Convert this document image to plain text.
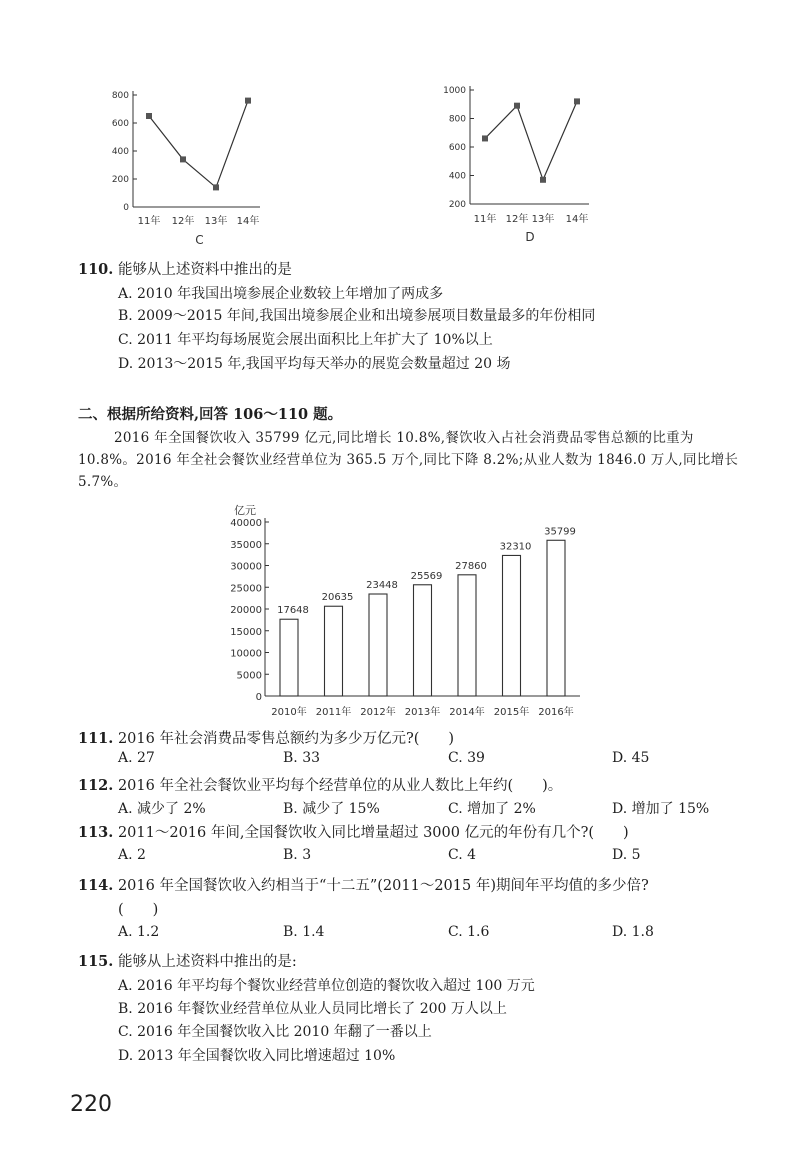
800
600
400
200
0
11年 12年 13年 14年
C
1000
800
600
400
200
11年 12年 13年 14年
D
110. 能够从上述资料中推出的是
A. 2010 年我国出境参展企业数较上年增加了两成多
B. 2009～2015 年间,我国出境参展企业和出境参展项目数量最多的年份相同
C. 2011 年平均每场展览会展出面积比上年扩大了 10%以上
D. 2013～2015 年,我国平均每天举办的展览会数量超过 20 场
二、根据所给资料,回答 106～110 题。
2016 年全国餐饮收入 35799 亿元,同比增长 10.8%,餐饮收入占社会消费品零售总额的比重为 10.8%。2016 年全社会餐饮业经营单位为 365.5 万个,同比下降 8.2%;从业人数为 1846.0 万人,同比增长 5.7%。
亿元
40000
35000
30000
25000
20000
15000
10000
5000
0
17648
2010年
20635
2011年
23448
2012年
25569
2013年
27860
2014年
32310
2015年
35799
2016年
111. 2016 年社会消费品零售总额约为多少万亿元?(　　)
A. 27	B. 33	C. 39	D. 45
112. 2016 年全社会餐饮业平均每个经营单位的从业人数比上年约(　　)。
A. 减少了 2%	B. 减少了 15%	C. 增加了 2%	D. 增加了 15%
113. 2011～2016 年间,全国餐饮收入同比增量超过 3000 亿元的年份有几个?(　　)
A. 2	B. 3	C. 4	D. 5
114. 2016 年全国餐饮收入约相当于“十二五”(2011～2015 年)期间年平均值的多少倍?
(　　)
A. 1.2	B. 1.4	C. 1.6	D. 1.8
115. 能够从上述资料中推出的是:
A. 2016 年平均每个餐饮业经营单位创造的餐饮收入超过 100 万元
B. 2016 年餐饮业经营单位从业人员同比增长了 200 万人以上
C. 2016 年全国餐饮收入比 2010 年翻了一番以上
D. 2013 年全国餐饮收入同比增速超过 10%
220
